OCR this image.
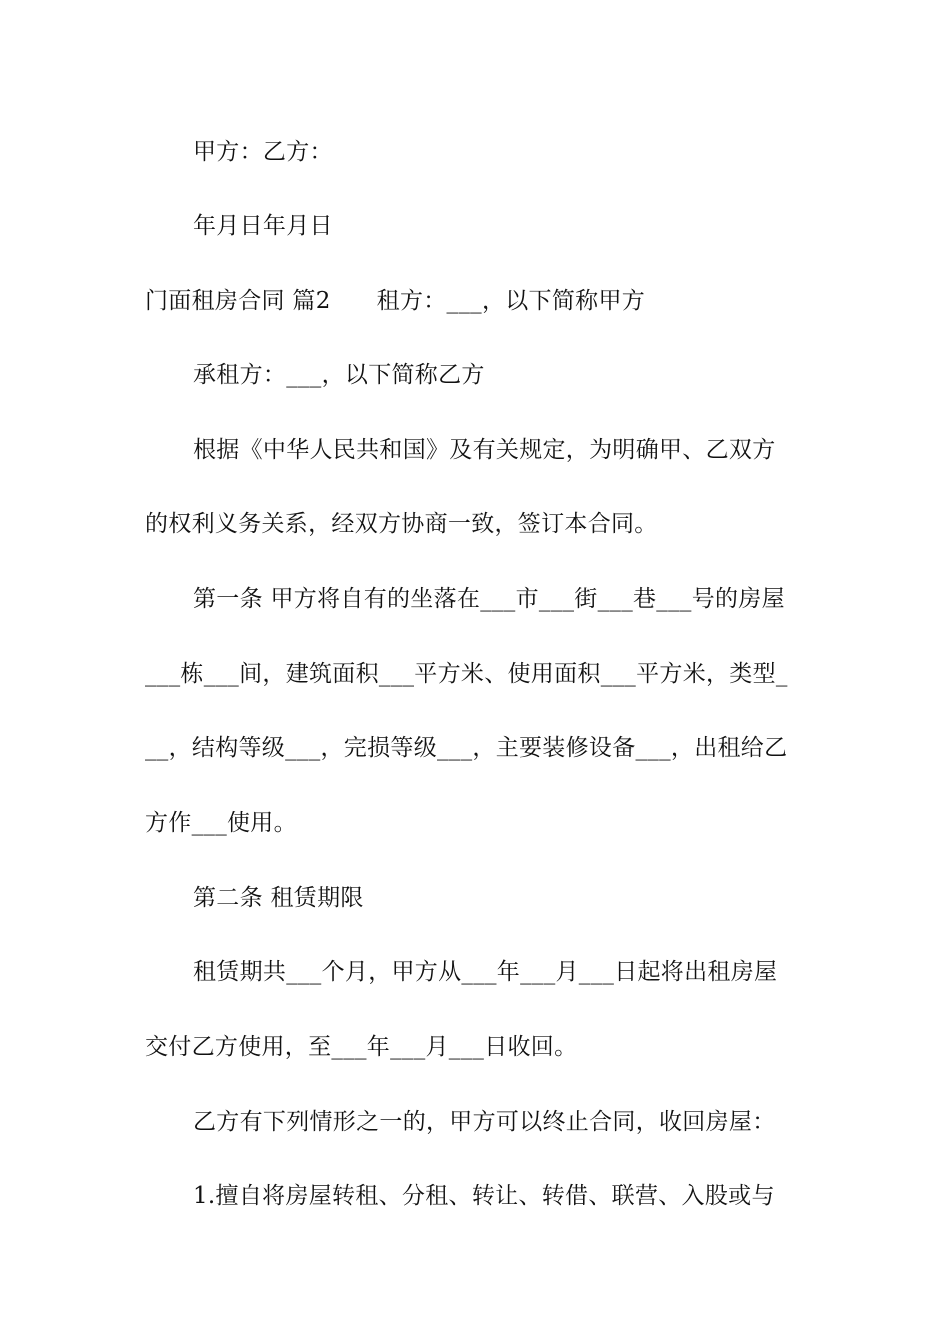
甲方：乙方：

年月日年月日

门面租房合同 篇2 租方：___，以下简称甲方

承租方：___，以下简称乙方

根据《中华人民共和国》及有关规定，为明确甲、乙双方

的权利义务关系，经双方协商一致，签订本合同。

第一条 甲方将自有的坐落在___市___街___巷___号的房屋

___栋___间，建筑面积___平方米、使用面积___平方米，类型_

__，结构等级___，完损等级___，主要装修设备___，出租给乙

方作___使用。

第二条 租赁期限

租赁期共___个月，甲方从___年___月___日起将出租房屋

交付乙方使用，至___年___月___日收回。

乙方有下列情形之一的，甲方可以终止合同，收回房屋：

1.擅自将房屋转租、分租、转让、转借、联营、入股或与
